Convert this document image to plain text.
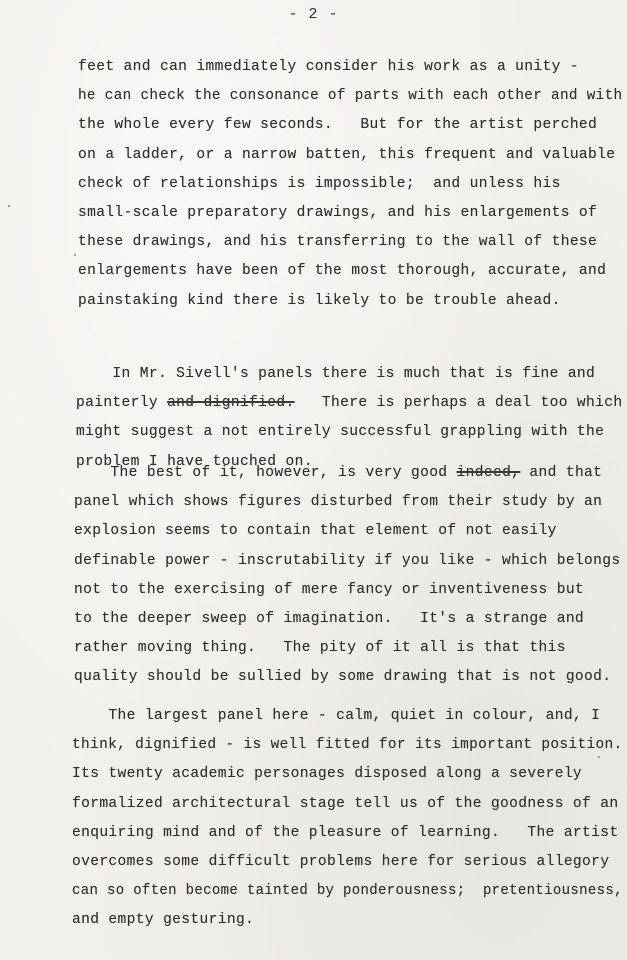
- 2 -
feet and can immediately consider his work as a unity -
he can check the consonance of parts with each other and with
the whole every few seconds.   But for the artist perched
on a ladder, or a narrow batten, this frequent and valuable
check of relationships is impossible;  and unless his
small-scale preparatory drawings, and his enlargements of
these drawings, and his transferring to the wall of these
enlargements have been of the most thorough, accurate, and
painstaking kind there is likely to be trouble ahead.
In Mr. Sivell's panels there is much that is fine and
painterly and dignified.   There is perhaps a deal too which
might suggest a not entirely successful grappling with the
problem I have touched on.
The best of it, however, is very good indeed, and that
panel which shows figures disturbed from their study by an
explosion seems to contain that element of not easily
definable power - inscrutability if you like - which belongs
not to the exercising of mere fancy or inventiveness but
to the deeper sweep of imagination.   It's a strange and
rather moving thing.   The pity of it all is that this
quality should be sullied by some drawing that is not good.
The largest panel here - calm, quiet in colour, and, I
think, dignified - is well fitted for its important position.
Its twenty academic personages disposed along a severely
formalized architectural stage tell us of the goodness of an
enquiring mind and of the pleasure of learning.   The artist
overcomes some difficult problems here for serious allegory
can so often become tainted by ponderousness;  pretentiousness,
and empty gesturing.
